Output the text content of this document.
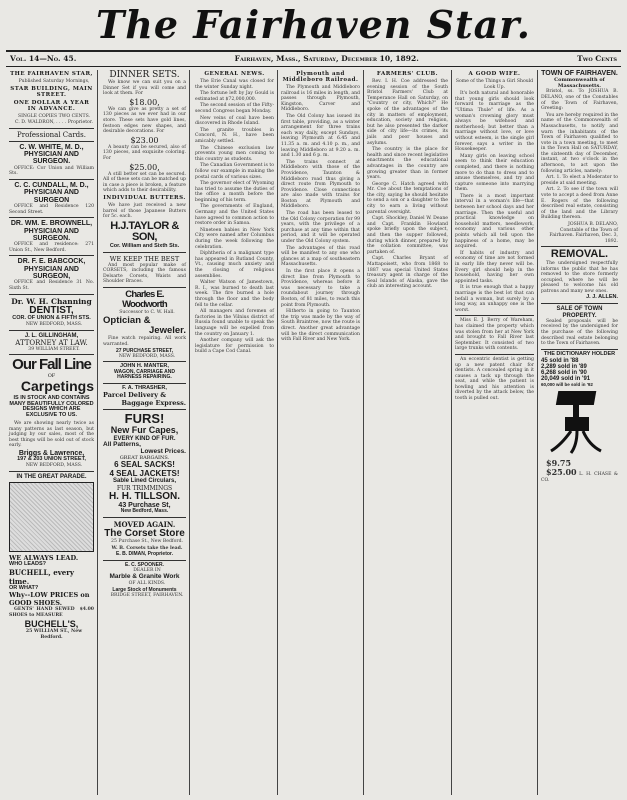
The Fairhaven Star.
Vol. 14—No. 45.	Fairhaven, Mass., Saturday, December 10, 1892.	Two Cents
THE FAIRHAVEN STAR,
Published Saturday Mornings,
STAR BUILDING, MAIN STREET.
ONE DOLLAR A YEAR IN ADVANCE.
SINGLE COPIES TWO CENTS.
C. D. WALDRON, . . . . Proprietor.
Professional Cards.
C. W. WHITE, M. D.,
PHYSICIAN AND SURGEON.
OFFICE: Cor Union and William Sts.
C. C. CUNDALL, M. D.,
PHYSICIAN AND SURGEON
OFFICE and Residence 120 Second Street.
DR. WM. E. BROWNELL,
PHYSICIAN AND SURGEON.
OFFICE and residence: 271 Union St., New Bedford.
DR. F. E. BABCOCK,
PHYSICIAN AND SURGEON,
OFFICE and Residence 31 No. Sixth St.
Dr. W. H. Channing
DENTIST,
COR. OF UNION & FIFTH STS.
NEW BEDFORD, MASS.
J. L. GILLINGHAM,
ATTORNEY AT LAW.
39 WILLIAM STREET.
Our Fall Line
OF
Carpetings
IS IN STOCK AND CONTAINS MANY BEAUTIFULLY COLORED DESIGNS WHICH ARE EXCLUSIVE TO US.
We are showing nearly twice as many patterns as last season, but judging by our sales, most of the best things will be sold out of stock early.
Briggs & Lawrence,
197 & 203 UNION STREET,
NEW BEDFORD, MASS.
IN THE GREAT PARADE.
WE ALWAYS LEAD.
WHO LEADS?
BUCHELL, every time.
OR WHAT?
Why--LOW PRICES on GOOD SHOES.
GENTS' HAND SEWED SHOES to MEASURE
$4.00
BUCHELL'S,
25 WILLIAM ST., New Bedford.
DINNER SETS.
We know we can suit you on a Dinner Set if you will come and look at them. For
$18.00,
We can give as pretty a set of 130 pieces as we ever had in our store. These sets have gold lines, festoon edges new shapes, and desirable decorations. For
$23.00
A beauty can be secured, also of 130 pieces, and exquisite coloring. For
$25.00,
A still better set can be secured. All of these sets can be matched up in case a piece is broken, a feature which adds to their desirability.
INDIVIDUAL BUTTERS.
We have just received a new barrel of those Japanese Butters for 5c. each.
H.J.TAYLOR & SON,
Cor. William and Sixth Sts.
WE KEEP THE BEST
And most popular make of CORSETS, including the famous Delsarte Corsets, Waists and Shoulder Braces.
Charles E. Woodworth
Successor to C. W. Hall.
Optician &
Jeweler.
Fine watch repairing. All work warranted.
27 PURCHASE STREET,
NEW BEDFORD, MASS.
JOHN H. MANTER,
WAGON, CARRIAGE AND HARNESS REPAIRING.
F. A. THRASHER,
Parcel Delivery &
Baggage Express.
FURS!
New Fur Capes,
EVERY KIND OF FUR.
All Patterns,
Lowest Prices.
GREAT BARGAINS.
6 SEAL SACKS!
4 SEAL JACKETS!
Sable Lined Circulars,
FUR TRIMMINGS
H. H. TILLSON.
43 Purchase St,
New Bedford, Mass.
MOVED AGAIN.
The Corset Store
25 Purchase St., New Bedford.
W. B. Corsets take the lead.
E. B. DIMAN, Proprietor.
E. C. SPOONER.
DEALER IN
Marble & Granite Work
OF ALL KINDS.
Large Stock of Monuments
BRIDGE STREET, FAIRHAVEN.
GENERAL NEWS.
The Erie Canal was closed for the winter Sunday night.
The fortune left by Jay Gould is estimated at $72,000,000.
The second session of the Fifty-second Congress began Monday.
New veins of coal have been discovered in Rhode Island.
The granite troubles in Concord, N. H., have been amicably settled.
The Chinese exclusion law prevents young men coming to this country as students.
The Canadian Government is to follow our example in making the postal cards of various sizes.
The governor elect of Wyoming has tried to assume the duties of the office a month before the beginning of his term.
The governments of England, Germany and the United States have agreed to common action to restore order in Samoa.
Nineteen babies in New York City were named after Columbus during the week following the celebration.
Diphtheria of a malignant type has appeared in Rutland County, Vt., causing much anxiety and the closing of religious assemblies.
Walter Watson of Jamestown, R. I., was burned to death last week. The fire burned a hole through the floor and the body fell to the cellar.
All managers and foremen of factories in the Vilnius district of Russia found unable to speak the language will be expelled from the country on January 1.
Another company will ask the legislature for permission to build a Cape Cod Canal.
Plymouth and Middleboro Railroad.
The Plymouth and Middleboro railroad is 16 miles in length, and passes through Plymouth, Kingston, Carver and Middleboro.
The Old Colony has issued its first table, providing, as a winter arrangement for three trains each way daily, except Sundays, leaving Plymouth at 6.45 and 11.35 a. m. and 4.10 p. m., and leaving Middleboro at 9.20 a. m. and 1.30 and 6 p. m.
The trains connect at Middleboro with those of the Providence, Taunton & Middleboro road thus giving a direct route from Plymouth to Providence. Close connections are also made with trains for Boston at Plymouth and Middleboro.
The road has been leased to the Old Colony corporation for 99 years, with the privilege of a purchase at any time within that period, and it will be operated under the Old Colony system.
The advantages of this road will be manifest to any one who glances at a map of southeastern Massachusetts.
In the first place it opens a direct line from Plymouth to Providence, whereas before it was necessary to take a roundabout journey through Boston, of 81 miles, to reach this point from Plymouth.
Hitherto in going to Taunton the trip was made by the way of South Braintree, now the route is direct. Another great advantage will be the direct communication with Fall River and New York.
FARMERS' CLUB.
Rev. I. H. Coe addressed the evening session of the South Bristol Farmers' Club at Temperance Hall on Saturday, on "Country or city, Which?" He spoke of the advantages of the city in matters of employment, education, society and religion, but he also presented the darker side of city life—its crimes, its jails and poor houses and asylums.
The country is the place for health and since recent legislative enactments the educational advantages in the country are growing greater than in former years.
George C. Hatch agreed with Mr. Coe about the temptations of the city, saying he should hesitate to send a son or a daughter to the city to earn a living without parental oversight.
Capt. Shockley, Daniel W. Deane and Capt. Franklin Howland spoke briefly upon the subject, and then the supper followed, during which dinner, prepared by the collation committee, was partaken of.
Capt. Charles Bryant of Mattapoisett, who from 1868 to 1887 was special United States treasury agent in charge of the Seal Islands of Alaska, gave the club an interesting account.
A GOOD WIFE.
Some of the Things a Girl Should Look Up.
It's both natural and honorable that young girls should look forward to marriage as the "Ultima Thule" of life. As a woman's crowning glory must always be wifehood and motherhood; but better than a marriage without love, or love without esteem, is the single girl forever, says a writer in the Housekeeper.
Many girls on leaving school seem to think their education completed, and there is nothing more to do than to dress and to amuse themselves, and try and capture someone into marrying them.
There is a most important interval in a woman's life—that between her school days and her marriage. Then the useful and practical knowledge on household matters, needlework, economy and various other points which all tell upon the happiness of a home, may be acquired.
If habits of industry and economy of time are not formed in early life they never will be. Every girl should help in the household, having her own appointed tasks.
It is true enough that a happy marriage is the best lot that can befall a woman, but surely by a long way, an unhappy one is the worst.
Miss E. J. Berry of Wareham, has claimed the property which was stolen from her at New York and brought to Fall River last September. It consisted of two large trunks with contents.
An eccentric dentist is getting up a new patent chair for dentists. A concealed spring in it causes a tack up through the seat, and while the patient is howling and his attention is diverted by the attack below, the tooth is pulled out.
TOWN OF FAIRHAVEN.
Commonwealth of Massachusetts.
Bristol, ss. To JOSHUA B. DELANO, one of the Constables of the Town of Fairhaven, Greeting:
You are hereby required in the name of the Commonwealth of Massachusetts, to notify and warn the inhabitants of the Town of Fairhaven qualified to vote in a town meeting, to meet in the Town Hall on SATURDAY, the sixteenth day of December, instant, at two o'clock in the afternoon, to act upon the following articles, namely:
Art. 1. To elect a Moderator to preside at said meeting.
Art. 2. To see if the town will vote to accept a deed from Anne E. Rogers of the following described real estate, consisting of the land and the Library Building thereon.
JOSHUA B. DELANO, Constable of the Town of Fairhaven. Fairhaven, Dec. 3, 1892.
REMOVAL.
The undersigned respectfully informs the public that he has removed to the store formerly occupied, where he will be pleased to welcome his old patrons and many new ones.
J. J. ALLEN.
SALE OF TOWN PROPERTY.
Sealed proposals will be received by the undersigned for the purchase of the following described real estate belonging to the Town of Fairhaven.
THE DICTIONARY HOLDER
45 sold in '88
2,289 sold in '89
6,268 sold in '90
20,049 sold in '91
60,000 will be sold in '92
$9.75
$25.00 L. H. CHASE & CO.
